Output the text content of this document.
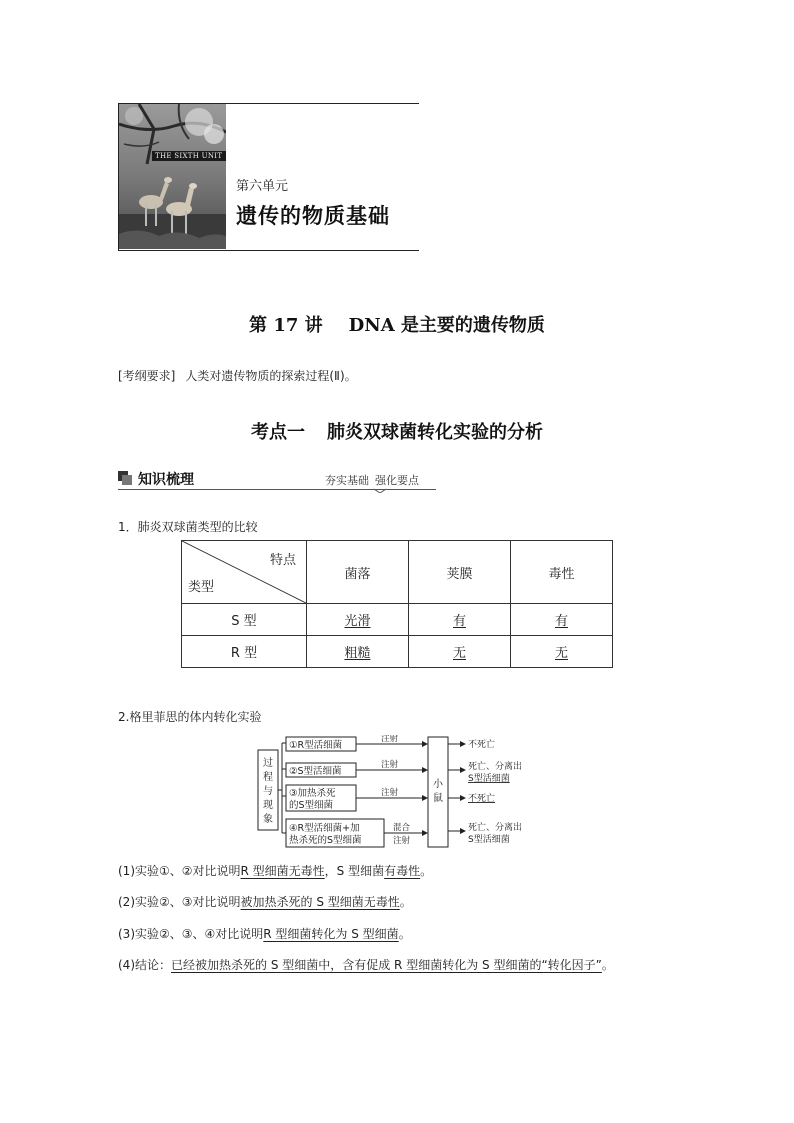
THE SIXTH UNIT
第六单元
遗传的物质基础
第 17 讲 DNA 是主要的遗传物质
[考纲要求] 人类对遗传物质的探索过程(Ⅱ)。
考点一 肺炎双球菌转化实验的分析
知识梳理	夯实基础 强化要点
1．肺炎双球菌类型的比较
特点
类型	菌落	荚膜	毒性
S 型	光滑	有	有
R 型	粗糙	无	无
2.格里菲思的体内转化实验
过
程
与
现
象
①R型活细菌
②S型活细菌
③加热杀死
的S型细菌
④R型活细菌+加
热杀死的S型细菌
注射
注射
注射
混合
注射
小
鼠
不死亡
死亡、分离出
S型活细菌
不死亡
死亡、分离出
S型活细菌
(1)实验①、②对比说明R 型细菌无毒性，S 型细菌有毒性。
(2)实验②、③对比说明被加热杀死的 S 型细菌无毒性。
(3)实验②、③、④对比说明R 型细菌转化为 S 型细菌。
(4)结论：已经被加热杀死的 S 型细菌中，含有促成 R 型细菌转化为 S 型细菌的“转化因子”。
